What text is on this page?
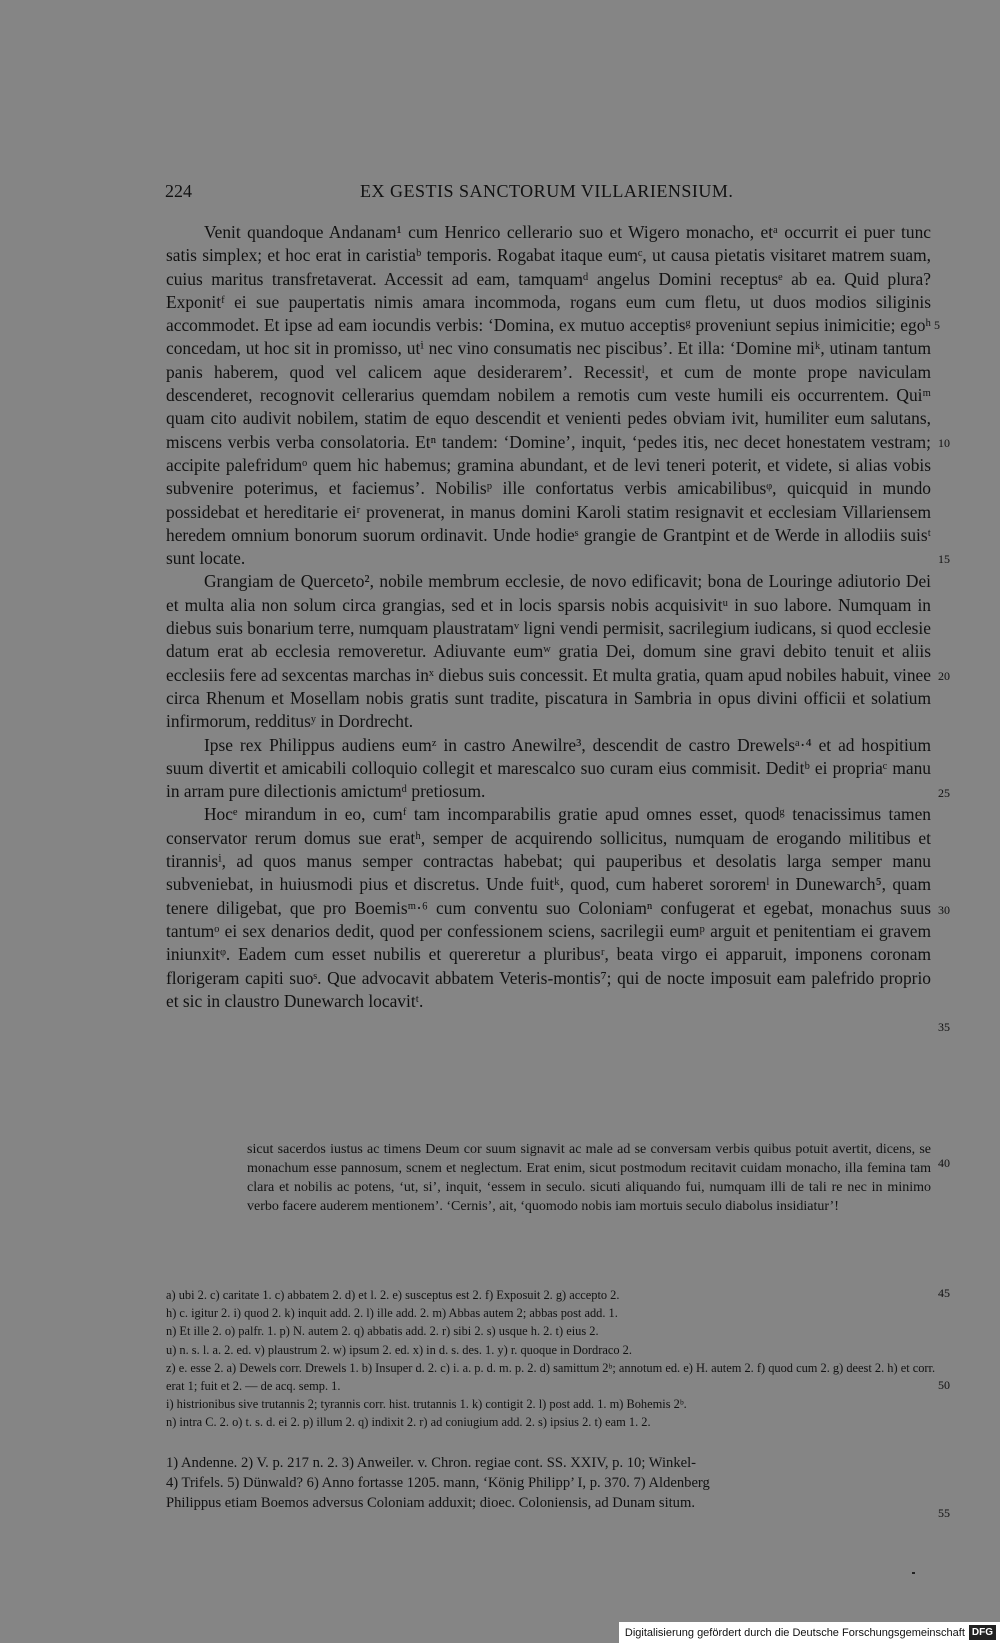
224	EX GESTIS SANCTORUM VILLARIENSIUM.

Venit quandoque Andanam¹ cum Henrico cellerario suo et Wigero monacho, etᵃ occurrit ei puer tunc satis simplex; et hoc erat in caristiaᵇ temporis. Rogabat itaque eumᶜ, ut causa pietatis visitaret matrem suam, cuius maritus transfretaverat. Accessit ad eam, tamquamᵈ angelus Domini receptusᵉ ab ea. Quid plura? Exponitᶠ ei sue paupertatis nimis amara incommoda, rogans eum cum fletu, ut duos modios siliginis accommodet. Et ipse ad eam iocundis verbis: ‘Domina, ex mutuo acceptisᵍ proveniunt sepius inimicitie; egoʰ concedam, ut hoc sit in promisso, utⁱ nec vino consumatis nec piscibus’. Et illa: ‘Domine miᵏ, utinam tantum panis haberem, quod vel calicem aque desiderarem’. Recessitˡ, et cum de monte prope naviculam descenderet, recognovit cellerarius quemdam nobilem a remotis cum veste humili eis occurrentem. Quiᵐ quam cito audivit nobilem, statim de equo descendit et venienti pedes obviam ivit, humiliter eum salutans, miscens verbis verba consolatoria. Etⁿ tandem: ‘Domine’, inquit, ‘pedes itis, nec decet honestatem vestram; accipite palefridumᵒ quem hic habemus; gramina abundant, et de levi teneri poterit, et videte, si alias vobis subvenire poterimus, et faciemus’. Nobilisᵖ ille confortatus verbis amicabilibusᵠ, quicquid in mundo possidebat et hereditarie eiʳ provenerat, in manus domini Karoli statim resignavit et ecclesiam Villariensem heredem omnium bonorum suorum ordinavit. Unde hodieˢ grangie de Grantpint et de Werde in allodiis suisᵗ sunt locate.

Grangiam de Querceto², nobile membrum ecclesie, de novo edificavit; bona de Louringe adiutorio Dei et multa alia non solum circa grangias, sed et in locis sparsis nobis acquisivitᵘ in suo labore. Numquam in diebus suis bonarium terre, numquam plaustratamᵛ ligni vendi permisit, sacrilegium iudicans, si quod ecclesie datum erat ab ecclesia removeretur. Adiuvante eumʷ gratia Dei, domum sine gravi debito tenuit et aliis ecclesiis fere ad sexcentas marchas inˣ diebus suis concessit. Et multa gratia, quam apud nobiles habuit, vinee circa Rhenum et Mosellam nobis gratis sunt tradite, piscatura in Sambria in opus divini officii et solatium infirmorum, redditusʸ in Dordrecht.

Ipse rex Philippus audiens eumᶻ in castro Anewilre³, descendit de castro Drewelsᵃ·⁴ et ad hospitium suum divertit et amicabili colloquio collegit et marescalco suo curam eius commisit. Deditᵇ ei propriaᶜ manu in arram pure dilectionis amictumᵈ pretiosum.

Hocᵉ mirandum in eo, cumᶠ tam incomparabilis gratie apud omnes esset, quodᵍ tenacissimus tamen conservator rerum domus sue eratʰ, semper de acquirendo sollicitus, numquam de erogando militibus et tirannisⁱ, ad quos manus semper contractas habebat; qui pauperibus et desolatis larga semper manu subveniebat, in huiusmodi pius et discretus. Unde fuitᵏ, quod, cum haberet sororemˡ in Dunewarch⁵, quam tenere diligebat, que pro Boemisᵐ·⁶ cum conventu suo Coloniamⁿ confugerat et egebat, monachus suus tantumᵒ ei sex denarios dedit, quod per confessionem sciens, sacrilegii eumᵖ arguit et penitentiam ei gravem iniunxitᵠ. Eadem cum esset nubilis et quereretur a pluribusʳ, beata virgo ei apparuit, imponens coronam florigeram capiti suoˢ. Que advocavit abbatem Veteris-montis⁷; qui de nocte imposuit eam palefrido proprio et sic in claustro Dunewarch locavitᵗ.

5
10
15
20
25
30
35
40
45
50
55

sicut sacerdos iustus ac timens Deum cor suum signavit ac male ad se conversam verbis quibus potuit avertit, dicens, se monachum esse pannosum, scnem et neglectum. Erat enim, sicut postmodum recitavit cuidam monacho, illa femina tam clara et nobilis ac potens, ‘ut, si’, inquit, ‘essem in seculo. sicuti aliquando fui, numquam illi de tali re nec in minimo verbo facere auderem mentionem’. ‘Cernis’, ait, ‘quomodo nobis iam mortuis seculo diabolus insidiatur’!

a) ubi 2. c) caritate 1. c) abbatem 2. d) et l. 2. e) susceptus est 2. f) Exposuit 2. g) accepto 2.

h) c. igitur 2. i) quod 2. k) inquit add. 2. l) ille add. 2. m) Abbas autem 2; abbas post add. 1.

n) Et ille 2. o) palfr. 1. p) N. autem 2. q) abbatis add. 2. r) sibi 2. s) usque h. 2. t) eius 2.

u) n. s. l. a. 2. ed. v) plaustrum 2. w) ipsum 2. ed. x) in d. s. des. 1. y) r. quoque in Dordraco 2.

z) e. esse 2. a) Dewels corr. Drewels 1. b) Insuper d. 2. c) i. a. p. d. m. p. 2. d) samittum 2ᵇ; annotum ed. e) H. autem 2. f) quod cum 2. g) deest 2. h) et corr. erat 1; fuit et 2. — de acq. semp. 1.

i) histrionibus sive trutannis 2; tyrannis corr. hist. trutannis 1. k) contigit 2. l) post add. 1. m) Bohemis 2ᵇ.

n) intra C. 2. o) t. s. d. ei 2. p) illum 2. q) indixit 2. r) ad coniugium add. 2. s) ipsius 2. t) eam 1. 2.

1) Andenne. 2) V. p. 217 n. 2. 3) Anweiler. v. Chron. regiae cont. SS. XXIV, p. 10; Winkel-

4) Trifels. 5) Dünwald? 6) Anno fortasse 1205. mann, ‘König Philipp’ I, p. 370. 7) Aldenberg

Philippus etiam Boemos adversus Coloniam adduxit; dioec. Coloniensis, ad Dunam situm.

Digitalisierung gefördert durch die Deutsche Forschungsgemeinschaft DFG
